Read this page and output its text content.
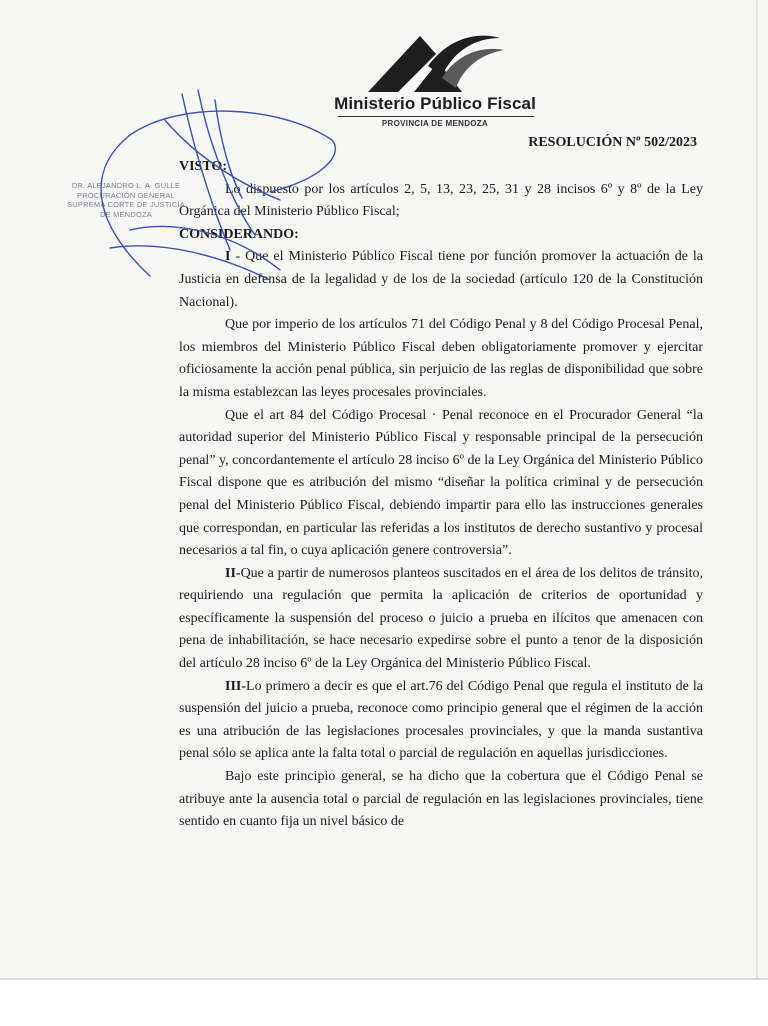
Ministerio Público Fiscal
PROVINCIA DE MENDOZA
RESOLUCIÓN Nº 502/2023
DR. ALEJANDRO L. A. GULLE
PROCURACIÓN GENERAL
SUPREMA CORTE DE JUSTICIA
DE MENDOZA

VISTO:

Lo dispuesto por los artículos 2, 5, 13, 23, 25, 31 y 28 incisos 6º y 8º de la Ley Orgánica del Ministerio Público Fiscal;

CONSIDERANDO:

I - Que el Ministerio Público Fiscal tiene por función promover la actuación de la Justicia en defensa de la legalidad y de los de la sociedad (artículo 120 de la Constitución Nacional).

Que por imperio de los artículos 71 del Código Penal y 8 del Código Procesal Penal, los miembros del Ministerio Público Fiscal deben obligatoriamente promover y ejercitar oficiosamente la acción penal pública, sin perjuicio de las reglas de disponibilidad que sobre la misma establezcan las leyes procesales provinciales.

Que el art 84 del Código Procesal · Penal reconoce en el Procurador General “la autoridad superior del Ministerio Público Fiscal y responsable principal de la persecución penal” y, concordantemente el artículo 28 inciso 6º de la Ley Orgánica del Ministerio Público Fiscal dispone que es atribución del mismo “diseñar la política criminal y de persecución penal del Ministerio Público Fiscal, debiendo impartir para ello las instrucciones generales que correspondan, en particular las referidas a los institutos de derecho sustantivo y procesal necesarios a tal fin, o cuya aplicación genere controversia”.

II-Que a partir de numerosos planteos suscitados en el área de los delitos de tránsito, requiriendo una regulación que permita la aplicación de criterios de oportunidad y específicamente la suspensión del proceso o juicio a prueba en ilícitos que amenacen con pena de inhabilitación, se hace necesario expedirse sobre el punto a tenor de la disposición del artículo 28 inciso 6º de la Ley Orgánica del Ministerio Público Fiscal.

III-Lo primero a decir es que el art.76 del Código Penal que regula el instituto de la suspensión del juicio a prueba, reconoce como principio general que el régimen de la acción es una atribución de las legislaciones procesales provinciales, y que la manda sustantiva penal sólo se aplica ante la falta total o parcial de regulación en aquellas jurisdicciones.

Bajo este principio general, se ha dicho que la cobertura que el Código Penal se atribuye ante la ausencia total o parcial de regulación en las legislaciones provinciales, tiene sentido en cuanto fija un nivel básico de
